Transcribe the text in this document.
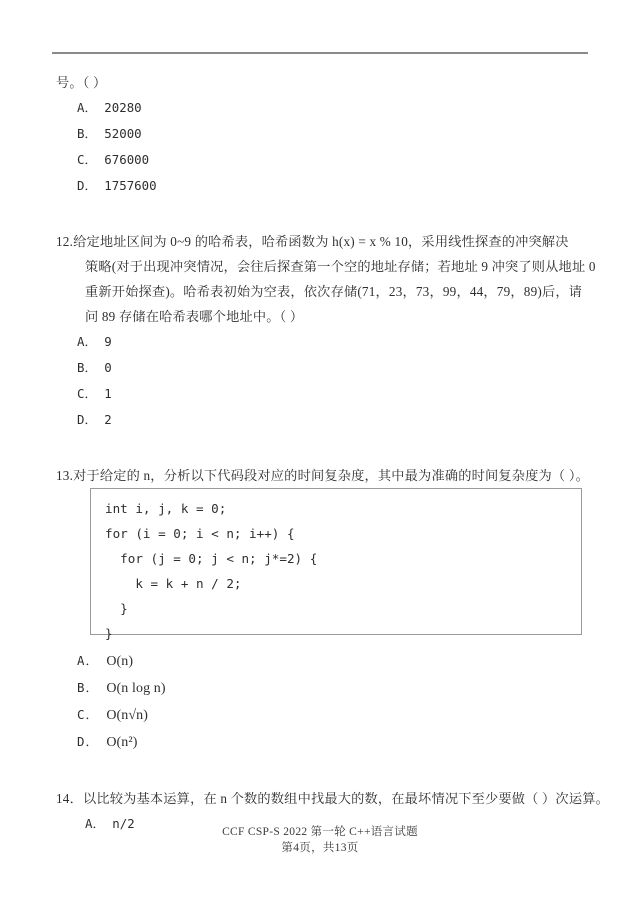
号。（ ）
A． 20280
B． 52000
C． 676000
D． 1757600
12.给定地址区间为 0~9 的哈希表，哈希函数为 h(x) = x % 10，采用线性探查的冲突解决
策略(对于出现冲突情况，会往后探查第一个空的地址存储；若地址 9 冲突了则从地址 0
重新开始探查)。哈希表初始为空表，依次存储(71，23，73，99，44，79，89)后，请
问 89 存储在哈希表哪个地址中。（ ）
A． 9
B． 0
C． 1
D． 2
13.对于给定的 n，分析以下代码段对应的时间复杂度，其中最为准确的时间复杂度为（ ）。
A． O(n)
B． O(n log n)
C． O(n√n)
D． O(n²)
14．以比较为基本运算，在 n 个数的数组中找最大的数，在最坏情况下至少要做（ ）次运算。
A． n/2
int i, j, k = 0;
for (i = 0; i < n; i++) {
for (j = 0; j < n; j*=2) {
k = k + n / 2;
}
}
CCF CSP-S 2022 第一轮 C++语言试题
第4页，共13页
